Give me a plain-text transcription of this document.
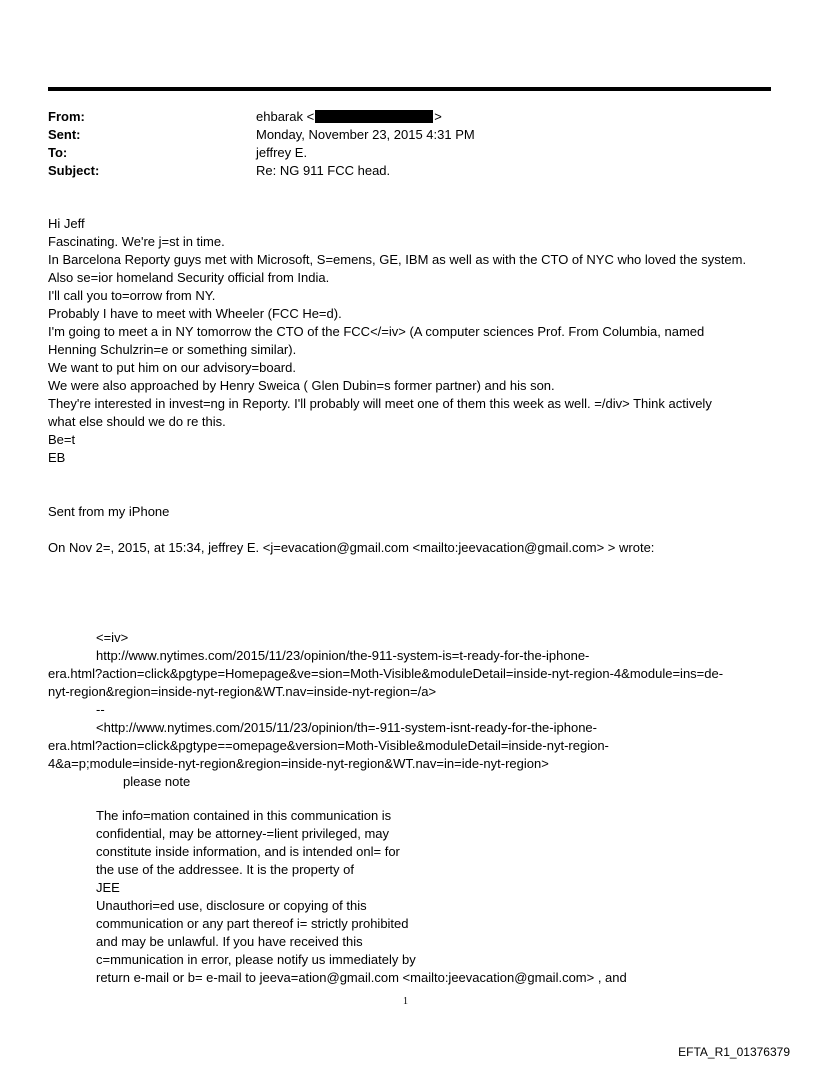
From:	ehbarak <	>
Sent:	Monday, November 23, 2015 4:31 PM
To:	jeffrey E.
Subject:	Re: NG 911 FCC head.
Hi Jeff
Fascinating. We're j=st in time.
In Barcelona Reporty guys met with Microsoft, S=emens, GE, IBM as well as with the CTO of NYC who loved the system.
Also se=ior homeland Security official from India.
I'll call you to=orrow from NY.
Probably I have to meet with Wheeler (FCC He=d).
I'm going to meet a in NY tomorrow the CTO of the FCC</=iv> (A computer sciences Prof. From Columbia, named
Henning Schulzrin=e or something similar).
We want to put him on our advisory=board.
We were also approached by Henry Sweica ( Glen Dubin=s former partner) and his son.
They're interested in invest=ng in Reporty. I'll probably will meet one of them this week as well. =/div> Think actively
what else should we do re this.
Be=t
EB
Sent from my iPhone
On Nov 2=, 2015, at 15:34, jeffrey E. <j=evacation@gmail.com <mailto:jeevacation@gmail.com> > wrote:
<=iv>
http://www.nytimes.com/2015/11/23/opinion/the-911-system-is=t-ready-for-the-iphone-
era.html?action=click&pgtype=Homepage&ve=sion=Moth-Visible&moduleDetail=inside-nyt-region-4&module=ins=de-
nyt-region&region=inside-nyt-region&WT.nav=inside-nyt-region=/a>
--
<http://www.nytimes.com/2015/11/23/opinion/th=-911-system-isnt-ready-for-the-iphone-
era.html?action=click&pgtype==omepage&version=Moth-Visible&moduleDetail=inside-nyt-region-
4&a=p;module=inside-nyt-region&region=inside-nyt-region&WT.nav=in=ide-nyt-region>
please note
The info=mation contained in this communication is
confidential, may be attorney-=lient privileged, may
constitute inside information, and is intended onl= for
the use of the addressee. It is the property of
JEE
Unauthori=ed use, disclosure or copying of this
communication or any part thereof i= strictly prohibited
and may be unlawful. If you have received this
c=mmunication in error, please notify us immediately by
return e-mail or b= e-mail to jeeva=ation@gmail.com <mailto:jeevacation@gmail.com> , and
1
EFTA_R1_01376379
